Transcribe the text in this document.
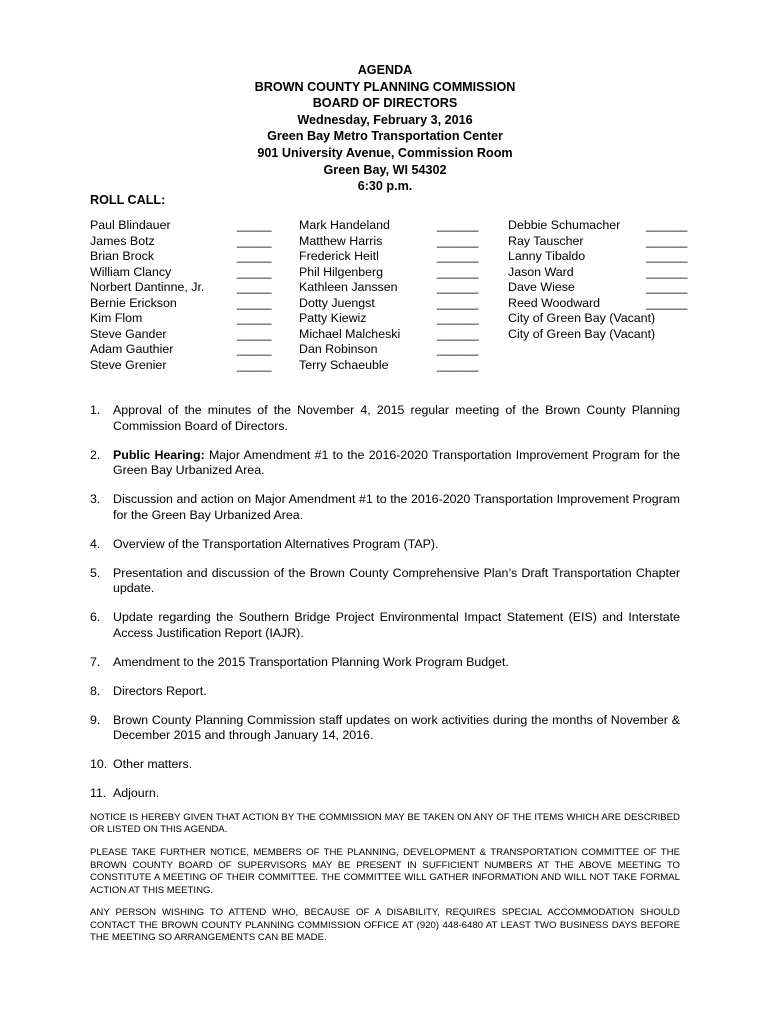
AGENDA
BROWN COUNTY PLANNING COMMISSION
BOARD OF DIRECTORS
Wednesday, February 3, 2016
Green Bay Metro Transportation Center
901 University Avenue, Commission Room
Green Bay, WI 54302
6:30 p.m.
ROLL CALL:
Paul Blindauer	_____
James Botz	_____
Brian Brock	_____
William Clancy	_____
Norbert Dantinne, Jr.	_____
Bernie Erickson	_____
Kim Flom	_____
Steve Gander	_____
Adam Gauthier	_____
Steve Grenier	_____
Mark Handeland	______
Matthew Harris	______
Frederick Heitl	______
Phil Hilgenberg	______
Kathleen Janssen	______
Dotty Juengst	______
Patty Kiewiz	______
Michael Malcheski	______
Dan Robinson	______
Terry Schaeuble	______
Debbie Schumacher ______
Ray Tauscher	______
Lanny Tibaldo	______
Jason Ward	______
Dave Wiese	______
Reed Woodward	______
City of Green Bay (Vacant)
City of Green Bay (Vacant)
1. Approval of the minutes of the November 4, 2015 regular meeting of the Brown County Planning Commission Board of Directors.
2. Public Hearing: Major Amendment #1 to the 2016-2020 Transportation Improvement Program for the Green Bay Urbanized Area.
3. Discussion and action on Major Amendment #1 to the 2016-2020 Transportation Improvement Program for the Green Bay Urbanized Area.
4. Overview of the Transportation Alternatives Program (TAP).
5. Presentation and discussion of the Brown County Comprehensive Plan’s Draft Transportation Chapter update.
6. Update regarding the Southern Bridge Project Environmental Impact Statement (EIS) and Interstate Access Justification Report (IAJR).
7. Amendment to the 2015 Transportation Planning Work Program Budget.
8. Directors Report.
9. Brown County Planning Commission staff updates on work activities during the months of November & December 2015 and through January 14, 2016.
10. Other matters.
11. Adjourn.
NOTICE IS HEREBY GIVEN THAT ACTION BY THE COMMISSION MAY BE TAKEN ON ANY OF THE ITEMS WHICH ARE DESCRIBED OR LISTED ON THIS AGENDA.
PLEASE TAKE FURTHER NOTICE, MEMBERS OF THE PLANNING, DEVELOPMENT & TRANSPORTATION COMMITTEE OF THE BROWN COUNTY BOARD OF SUPERVISORS MAY BE PRESENT IN SUFFICIENT NUMBERS AT THE ABOVE MEETING TO CONSTITUTE A MEETING OF THEIR COMMITTEE. THE COMMITTEE WILL GATHER INFORMATION AND WILL NOT TAKE FORMAL ACTION AT THIS MEETING.
ANY PERSON WISHING TO ATTEND WHO, BECAUSE OF A DISABILITY, REQUIRES SPECIAL ACCOMMODATION SHOULD CONTACT THE BROWN COUNTY PLANNING COMMISSION OFFICE AT (920) 448-6480 AT LEAST TWO BUSINESS DAYS BEFORE THE MEETING SO ARRANGEMENTS CAN BE MADE.
